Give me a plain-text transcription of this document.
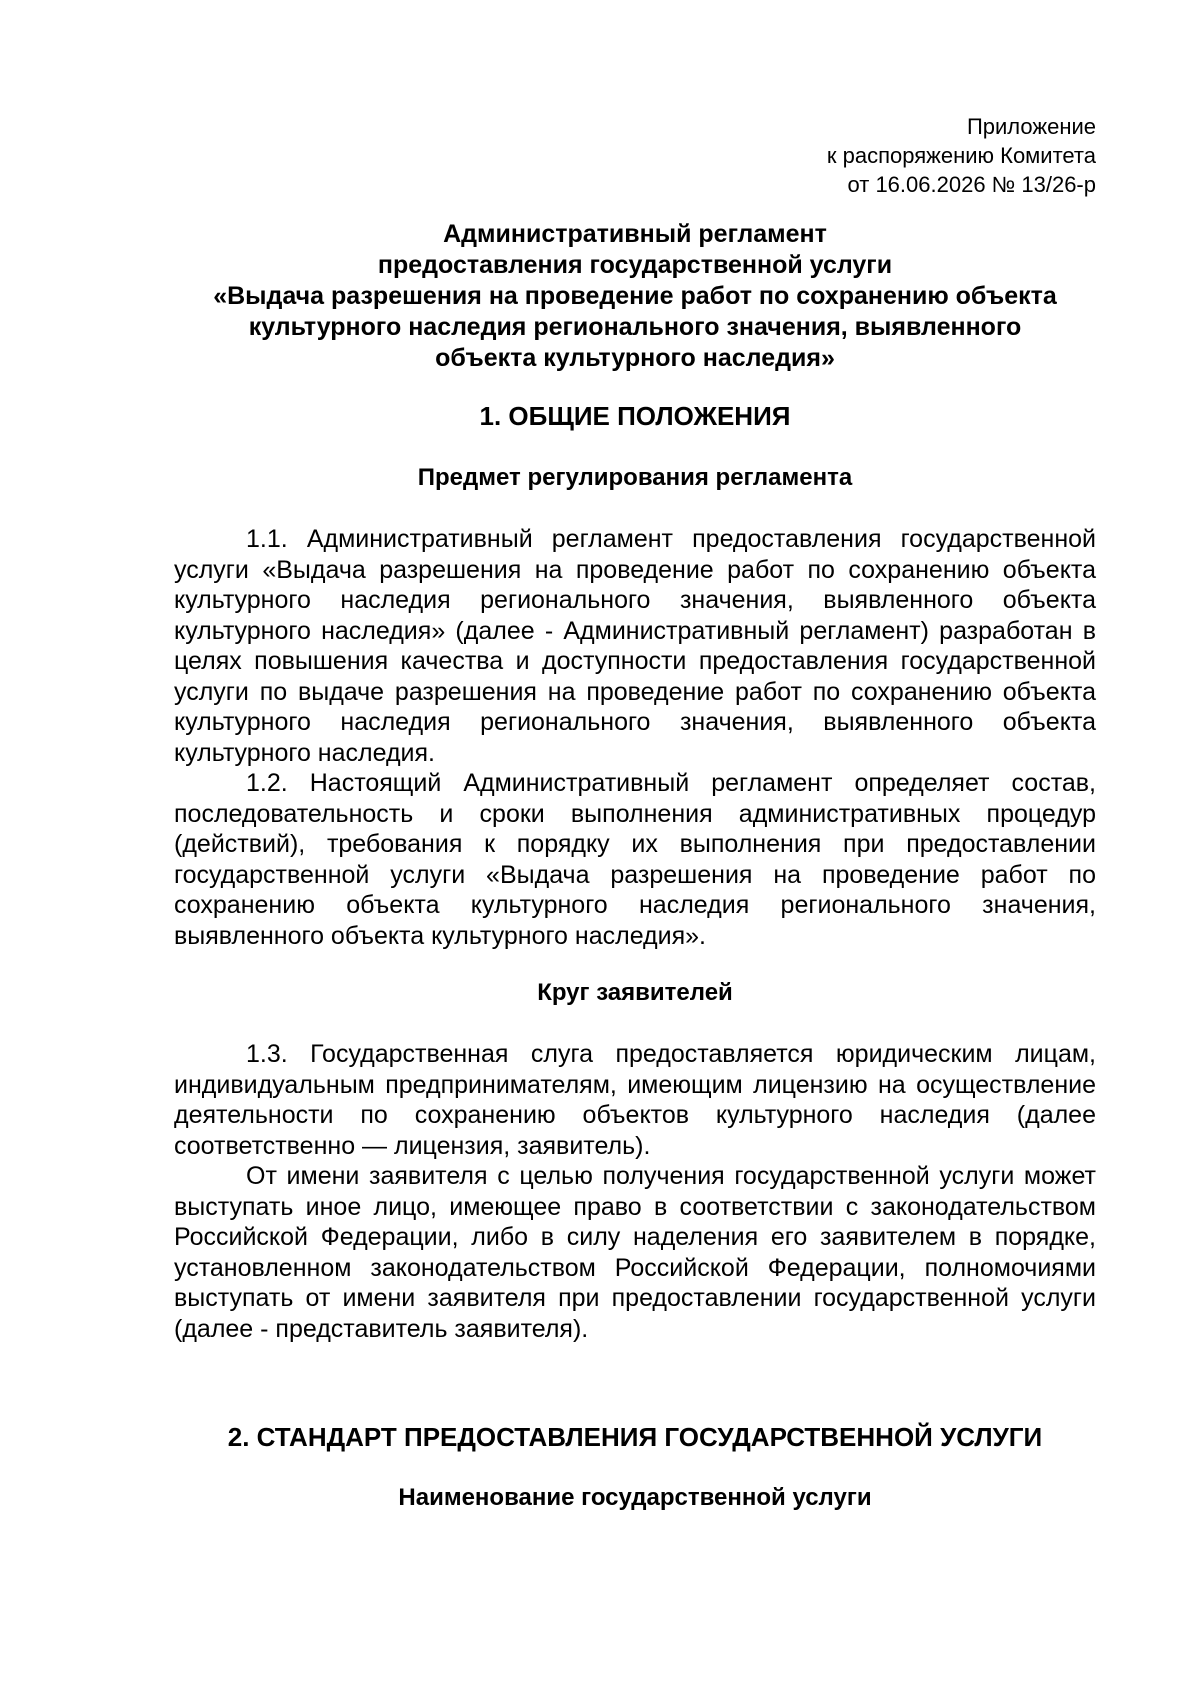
Приложение
к распоряжению Комитета
от 16.06.2026 № 13/26-р
Административный регламент
предоставления государственной услуги
«Выдача разрешения на проведение работ по сохранению объекта
культурного наследия регионального значения, выявленного
объекта культурного наследия»
1. ОБЩИЕ ПОЛОЖЕНИЯ
Предмет регулирования регламента

1.1. Административный регламент предоставления государственной услуги «Выдача разрешения на проведение работ по сохранению объекта культурного наследия регионального значения, выявленного объекта культурного наследия» (далее - Административный регламент) разработан в целях повышения качества и доступности предоставления государственной услуги по выдаче разрешения на проведение работ по сохранению объекта культурного наследия регионального значения, выявленного объекта культурного наследия.

1.2. Настоящий Административный регламент определяет состав, последовательность и сроки выполнения административных процедур (действий), требования к порядку их выполнения при предоставлении государственной услуги «Выдача разрешения на проведение работ по сохранению объекта культурного наследия регионального значения, выявленного объекта культурного наследия».

Круг заявителей

1.3. Государственная слуга предоставляется юридическим лицам, индивидуальным предпринимателям, имеющим лицензию на осуществление деятельности по сохранению объектов культурного наследия (далее соответственно — лицензия, заявитель).

От имени заявителя с целью получения государственной услуги может выступать иное лицо, имеющее право в соответствии с законодательством Российской Федерации, либо в силу наделения его заявителем в порядке, установленном законодательством Российской Федерации, полномочиями выступать от имени заявителя при предоставлении государственной услуги (далее - представитель заявителя).

2. СТАНДАРТ ПРЕДОСТАВЛЕНИЯ ГОСУДАРСТВЕННОЙ УСЛУГИ
Наименование государственной услуги
